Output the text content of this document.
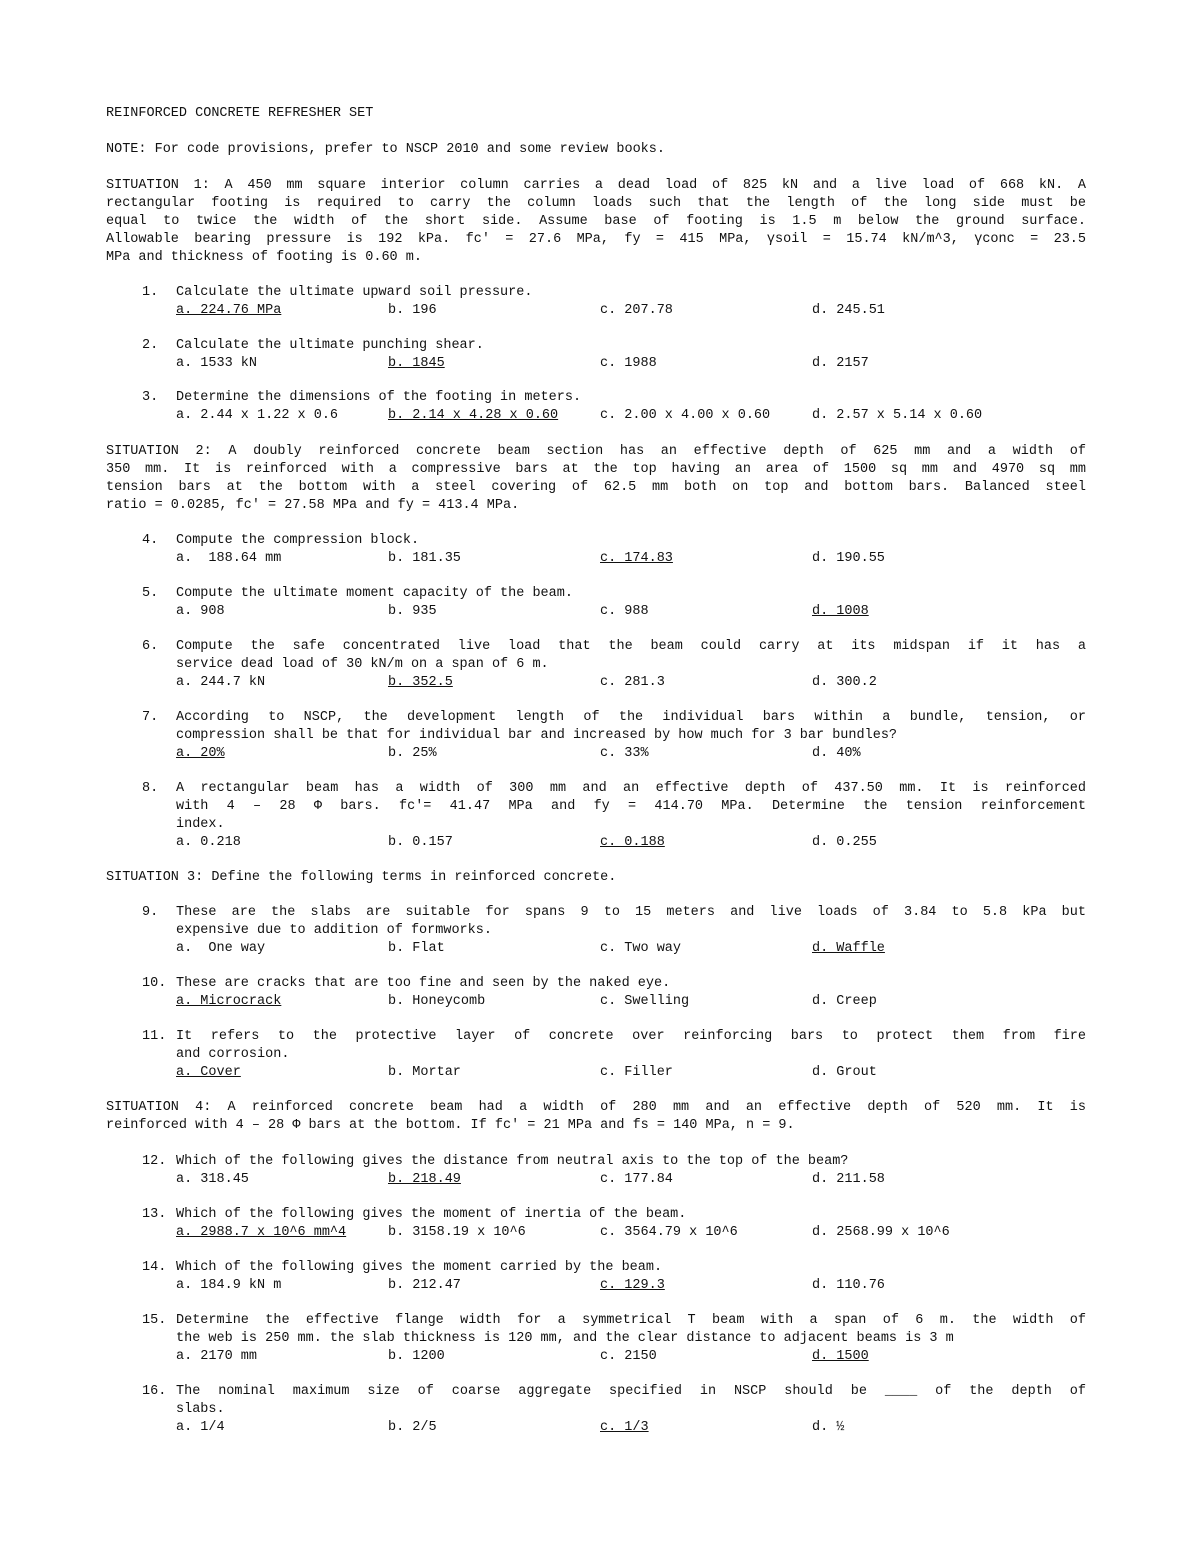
REINFORCED CONCRETE REFRESHER SET
NOTE: For code provisions, prefer to NSCP 2010 and some review books.
SITUATION 1: A 450 mm square interior column carries a dead load of 825 kN and a live load of 668 kN. A
rectangular footing is required to carry the column loads such that the length of the long side must be
equal to twice the width of the short side. Assume base of footing is 1.5 m below the ground surface.
Allowable bearing pressure is 192 kPa. fc' = 27.6 MPa, fy = 415 MPa, γsoil = 15.74 kN/m^3, γconc = 23.5
MPa and thickness of footing is 0.60 m.
SITUATION 2: A doubly reinforced concrete beam section has an effective depth of 625 mm and a width of
350 mm. It is reinforced with a compressive bars at the top having an area of 1500 sq mm and 4970 sq mm
tension bars at the bottom with a steel covering of 62.5 mm both on top and bottom bars. Balanced steel
ratio = 0.0285, fc′ = 27.58 MPa and fy = 413.4 MPa.
SITUATION 3: Define the following terms in reinforced concrete.
SITUATION 4: A reinforced concrete beam had a width of 280 mm and an effective depth of 520 mm. It is
reinforced with 4 – 28 Φ bars at the bottom. If fc′ = 21 MPa and fs = 140 MPa, n = 9.
1. Calculate the ultimate upward soil pressure.
a. 224.76 MPa	b. 196	c. 207.78	d. 245.51
2. Calculate the ultimate punching shear.
a. 1533 kN	b. 1845	c. 1988	d. 2157
3. Determine the dimensions of the footing in meters.
a. 2.44 x 1.22 x 0.6	b. 2.14 x 4.28 x 0.60	c. 2.00 x 4.00 x 0.60	d. 2.57 x 5.14 x 0.60
4. Compute the compression block.
a.  188.64 mm	b. 181.35	c. 174.83	d. 190.55
5. Compute the ultimate moment capacity of the beam.
a. 908	b. 935	c. 988	d. 1008
6. Compute the safe concentrated live load that the beam could carry at its midspan if it has a
service dead load of 30 kN/m on a span of 6 m.
a. 244.7 kN	b. 352.5	c. 281.3	d. 300.2
7. According to NSCP, the development length of the individual bars within a bundle, tension, or
compression shall be that for individual bar and increased by how much for 3 bar bundles?
a. 20%	b. 25%	c. 33%	d. 40%
8. A rectangular beam has a width of 300 mm and an effective depth of 437.50 mm. It is reinforced
with 4 – 28 Φ bars. fc'= 41.47 MPa and fy = 414.70 MPa. Determine the tension reinforcement
index.
a. 0.218	b. 0.157	c. 0.188	d. 0.255
9. These are the slabs are suitable for spans 9 to 15 meters and live loads of 3.84 to 5.8 kPa but
expensive due to addition of formworks.
a.  One way	b. Flat	c. Two way	d. Waffle
10. These are cracks that are too fine and seen by the naked eye.
a. Microcrack	b. Honeycomb	c. Swelling	d. Creep
11. It refers to the protective layer of concrete over reinforcing bars to protect them from fire
and corrosion.
a. Cover	b. Mortar	c. Filler	d. Grout
12. Which of the following gives the distance from neutral axis to the top of the beam?
a. 318.45	b. 218.49	c. 177.84	d. 211.58
13. Which of the following gives the moment of inertia of the beam.
a. 2988.7 x 10^6 mm^4	b. 3158.19 x 10^6	c. 3564.79 x 10^6	d. 2568.99 x 10^6
14. Which of the following gives the moment carried by the beam.
a. 184.9 kN m	b. 212.47	c. 129.3	d. 110.76
15. Determine the effective flange width for a symmetrical T beam with a span of 6 m. the width of
the web is 250 mm. the slab thickness is 120 mm, and the clear distance to adjacent beams is 3 m
a. 2170 mm	b. 1200	c. 2150	d. 1500
16. The nominal maximum size of coarse aggregate specified in NSCP should be ____ of the depth of
slabs.
a. 1/4	b. 2/5	c. 1/3	d. ½
